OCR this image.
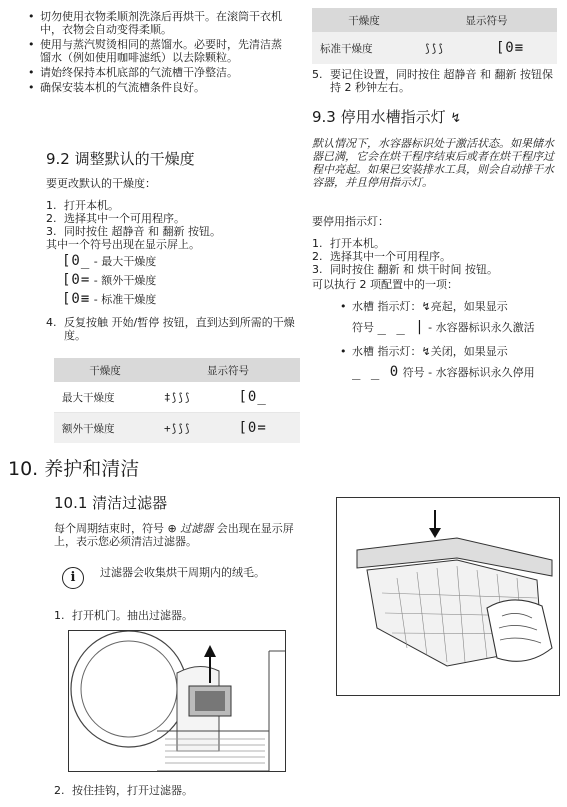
• 切勿使用衣物柔顺剂洗涤后再烘干。在滚筒干衣机中，衣物会自动变得柔顺。
• 使用与蒸汽熨烫相同的蒸馏水。必要时，先清洁蒸馏水（例如使用咖啡滤纸）以去除颗粒。
• 请始终保持本机底部的气流槽干净整洁。
• 确保安装本机的气流槽条件良好。
9.2 调整默认的干燥度
要更改默认的干燥度：
1. 打开本机。
2. 选择其中一个可用程序。
3. 同时按住 超静音 和 翻新 按钮。
其中一个符号出现在显示屏上。
[0_ - 最大干燥度
[0= - 额外干燥度
[0≡ - 标准干燥度
4. 反复按触 开始/暂停 按钮，直到达到所需的干燥度。
干燥度	显示符号
最大干燥度	‡⟆⟆⟆ [0_
额外干燥度	+⟆⟆⟆ [0=
干燥度	显示符号
标准干燥度	⟆⟆⟆ [0≡
5. 要记住设置，同时按住 超静音 和 翻新 按钮保持 2 秒钟左右。
9.3 停用水槽指示灯 ↯
默认情况下，水容器标识处于激活状态。如果储水器已满，它会在烘干程序结束后或者在烘干程序过程中亮起。如果已安装排水工具，则会自动排干水容器，并且停用指示灯。
要停用指示灯：
1. 打开本机。
2. 选择其中一个可用程序。
3. 同时按住 翻新 和 烘干时间 按钮。
可以执行 2 项配置中的一项：
• 水槽 指示灯：↯亮起，如果显示
符号 _ _ | - 水容器标识永久激活
• 水槽 指示灯：↯关闭，如果显示
_ _ 0 符号 - 水容器标识永久停用
10. 养护和清洁
10.1 清洁过滤器
每个周期结束时，符号 ⊕ 过滤器 会出现在显示屏上，表示您必须清洁过滤器。
i	过滤器会收集烘干周期内的绒毛。
1. 打开机门。抽出过滤器。
2. 按住挂钩，打开过滤器。
